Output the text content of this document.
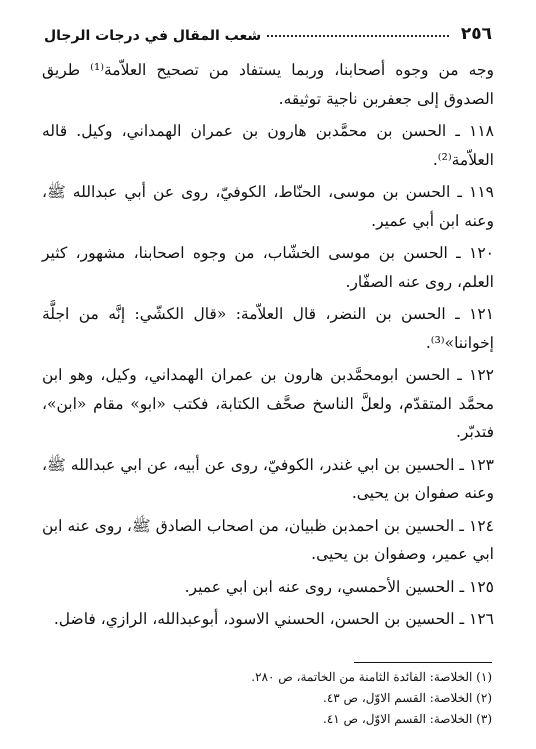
٢٥٦
شعب المقال في درجات الرجال

وجه من وجوه أصحابنا، وربما يستفاد من تصحيح العلاّمة⁽¹⁾ طريق الصدوق إلى جعفربن ناجية توثيقه.

١١٨ ـ الحسن بن محمَّدبن هارون بن عمران الهمداني، وكيل. قاله العلاّمة⁽²⁾.

١١٩ ـ الحسن بن موسى، الحنّاط، الكوفيّ، روى عن أبي عبدالله ﷺ، وعنه ابن أبي عمير.

١٢٠ ـ الحسن بن موسى الخشّاب، من وجوه اصحابنا، مشهور، كثير العلم، روى عنه الصفّار.

١٢١ ـ الحسن بن النضر، قال العلاّمة: «قال الكشّي: إنَّه من اجلَّة إخواننا»⁽³⁾.

١٢٢ ـ الحسن ابومحمَّدبن هارون بن عمران الهمداني، وكيل، وهو ابن محمَّد المتقدّم، ولعلَّ الناسخ صحَّف الكتابة، فكتب «ابو» مقام «ابن»، فتدبّر.

١٢٣ ـ الحسين بن ابي غندر، الكوفيّ، روى عن أبيه، عن ابي عبدالله ﷺ، وعنه صفوان بن يحيى.

١٢٤ ـ الحسين بن احمدبن ظبيان، من اصحاب الصادق ﷺ، روى عنه ابن ابي عمير، وصفوان بن يحيى.

١٢٥ ـ الحسين الأحمسي، روى عنه ابن ابي عمير.

١٢٦ ـ الحسين بن الحسن، الحسني الاسود، أبوعبدالله، الرازي، فاضل.

(١) الخلاصة: الفائدة الثامنة من الخاتمة، ص ٢٨٠.
(٢) الخلاصة: القسم الاوّل، ص ٤٣.
(٣) الخلاصة: القسم الاوّل، ص ٤١.
